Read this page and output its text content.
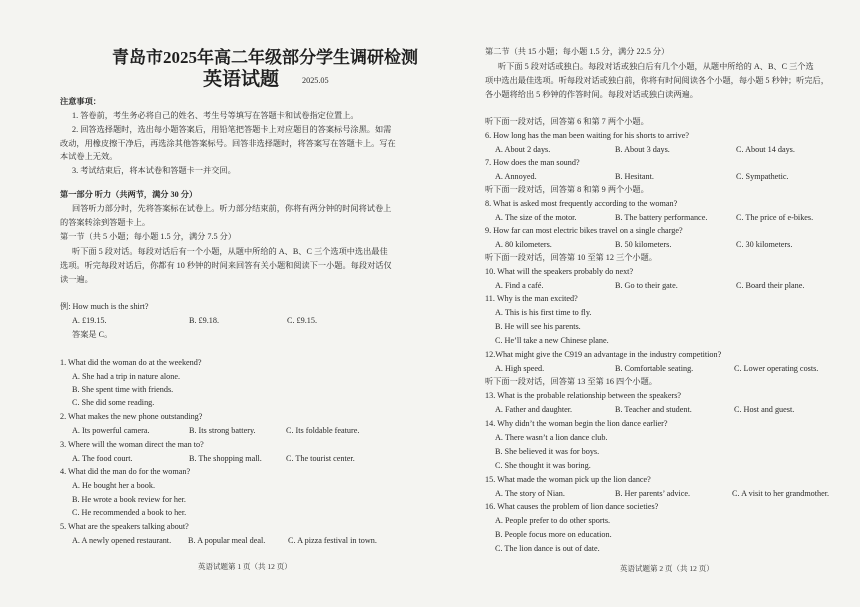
青岛市2025年高二年级部分学生调研检测
英语试题	2025.05
注意事项：
1. 答卷前，考生务必将自己的姓名、考生号等填写在答题卡和试卷指定位置上。
2. 回答选择题时，选出每小题答案后，用铅笔把答题卡上对应题目的答案标号涂黑。如需
改动，用橡皮擦干净后，再选涂其他答案标号。回答非选择题时，将答案写在答题卡上。写在
本试卷上无效。
3. 考试结束后，将本试卷和答题卡一并交回。
第一部分 听力（共两节，满分 30 分）
回答听力部分时，先将答案标在试卷上。听力部分结束前，你将有两分钟的时间将试卷上
的答案转涂到答题卡上。
第一节（共 5 小题；每小题 1.5 分，满分 7.5 分）
听下面 5 段对话。每段对话后有一个小题，从题中所给的 A、B、C 三个选项中选出最佳
选项。听完每段对话后，你都有 10 秒钟的时间来回答有关小题和阅读下一小题。每段对话仅
读一遍。
例: How much is the shirt?
A. £19.15.	B. £9.18.	C. £9.15.
答案是 C。
1. What did the woman do at the weekend?
A. She had a trip in nature alone.
B. She spent time with friends.
C. She did some reading.
2. What makes the new phone outstanding?
A. Its powerful camera.	B. Its strong battery.	C. Its foldable feature.
3. Where will the woman direct the man to?
A. The food court.	B. The shopping mall.	C. The tourist center.
4. What did the man do for the woman?
A. He bought her a book.
B. He wrote a book review for her.
C. He recommended a book to her.
5. What are the speakers talking about?
A. A newly opened restaurant. B. A popular meal deal.	C. A pizza festival in town.
英语试题第 1 页（共 12 页）
第二节（共 15 小题；每小题 1.5 分，满分 22.5 分）
听下面 5 段对话或独白。每段对话或独白后有几个小题，从题中所给的 A、B、C 三个选
项中选出最佳选项。听每段对话或独白前，你将有时间阅读各个小题，每小题 5 秒钟；听完后，
各小题将给出 5 秒钟的作答时间。每段对话或独白读两遍。
听下面一段对话，回答第 6 和第 7 两个小题。
6. How long has the man been waiting for his shorts to arrive?
A. About 2 days.	B. About 3 days.	C. About 14 days.
7. How does the man sound?
A. Annoyed.	B. Hesitant.	C. Sympathetic.
听下面一段对话，回答第 8 和第 9 两个小题。
8. What is asked most frequently according to the woman?
A. The size of the motor.	B. The battery performance.	C. The price of e-bikes.
9. How far can most electric bikes travel on a single charge?
A. 80 kilometers.	B. 50 kilometers.	C. 30 kilometers.
听下面一段对话，回答第 10 至第 12 三个小题。
10. What will the speakers probably do next?
A. Find a café.	B. Go to their gate.	C. Board their plane.
11. Why is the man excited?
A. This is his first time to fly.
B. He will see his parents.
C. He’ll take a new Chinese plane.
12.What might give the C919 an advantage in the industry competition?
A. High speed.	B. Comfortable seating.	C. Lower operating costs.
听下面一段对话，回答第 13 至第 16 四个小题。
13. What is the probable relationship between the speakers?
A. Father and daughter.	B. Teacher and student.	C. Host and guest.
14. Why didn’t the woman begin the lion dance earlier?
A. There wasn’t a lion dance club.
B. She believed it was for boys.
C. She thought it was boring.
15. What made the woman pick up the lion dance?
A. The story of Nian.	B. Her parents’ advice.	C. A visit to her grandmother.
16. What causes the problem of lion dance societies?
A. People prefer to do other sports.
B. People focus more on education.
C. The lion dance is out of date.
英语试题第 2 页（共 12 页）
